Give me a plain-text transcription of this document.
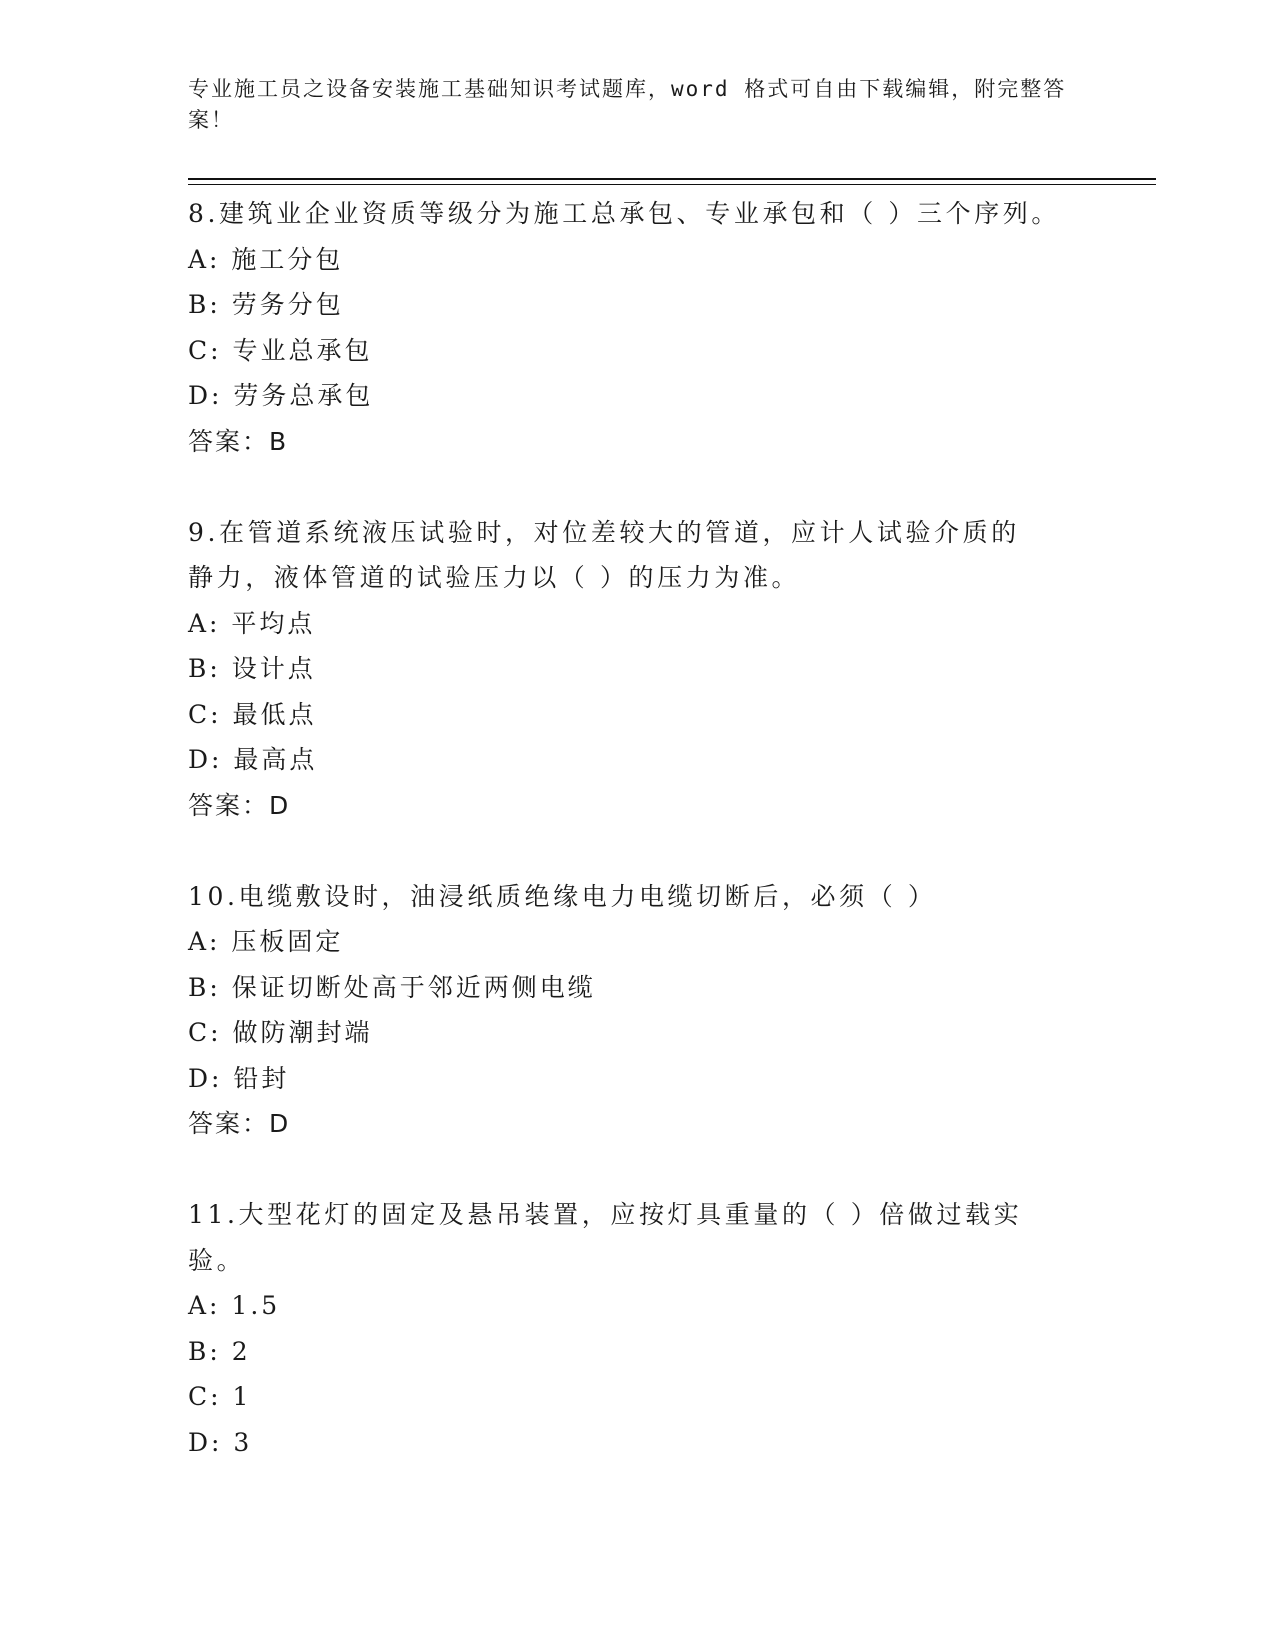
专业施工员之设备安装施工基础知识考试题库，word 格式可自由下载编辑，附完整答案！
8.建筑业企业资质等级分为施工总承包、专业承包和（ ）三个序列。
A: 施工分包
B: 劳务分包
C: 专业总承包
D: 劳务总承包
答案：B
9.在管道系统液压试验时，对位差较大的管道，应计人试验介质的静力，液体管道的试验压力以（ ）的压力为准。
A: 平均点
B: 设计点
C: 最低点
D: 最高点
答案：D
10.电缆敷设时，油浸纸质绝缘电力电缆切断后，必须（ ）
A: 压板固定
B: 保证切断处高于邻近两侧电缆
C: 做防潮封端
D: 铅封
答案：D
11.大型花灯的固定及悬吊装置，应按灯具重量的（ ）倍做过载实验。
A: 1.5
B: 2
C: 1
D: 3
